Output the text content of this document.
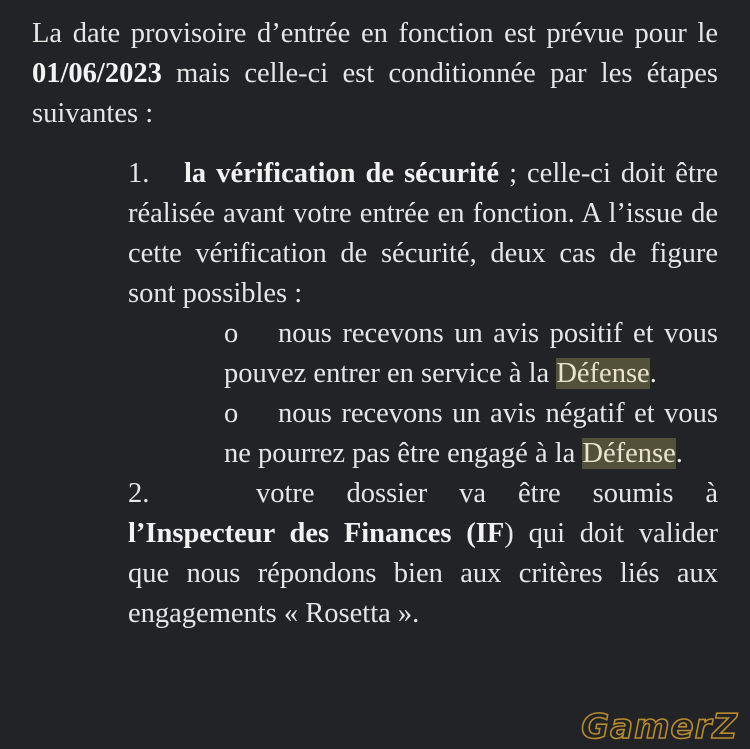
La date provisoire d’entrée en fonction est prévue pour le 01/06/2023 mais celle-ci est conditionnée par les étapes suivantes :

1. la vérification de sécurité ; celle-ci doit être réalisée avant votre entrée en fonction. A l’issue de cette vérification de sécurité, deux cas de figure sont possibles :

o nous recevons un avis positif et vous pouvez entrer en service à la Défense.

o nous recevons un avis négatif et vous ne pourrez pas être engagé à la Défense.

2.	votre dossier va être soumis à l’Inspecteur des Finances (IF) qui doit valider que nous répondons bien aux critères liés aux engagements « Rosetta ».

GamerZ
